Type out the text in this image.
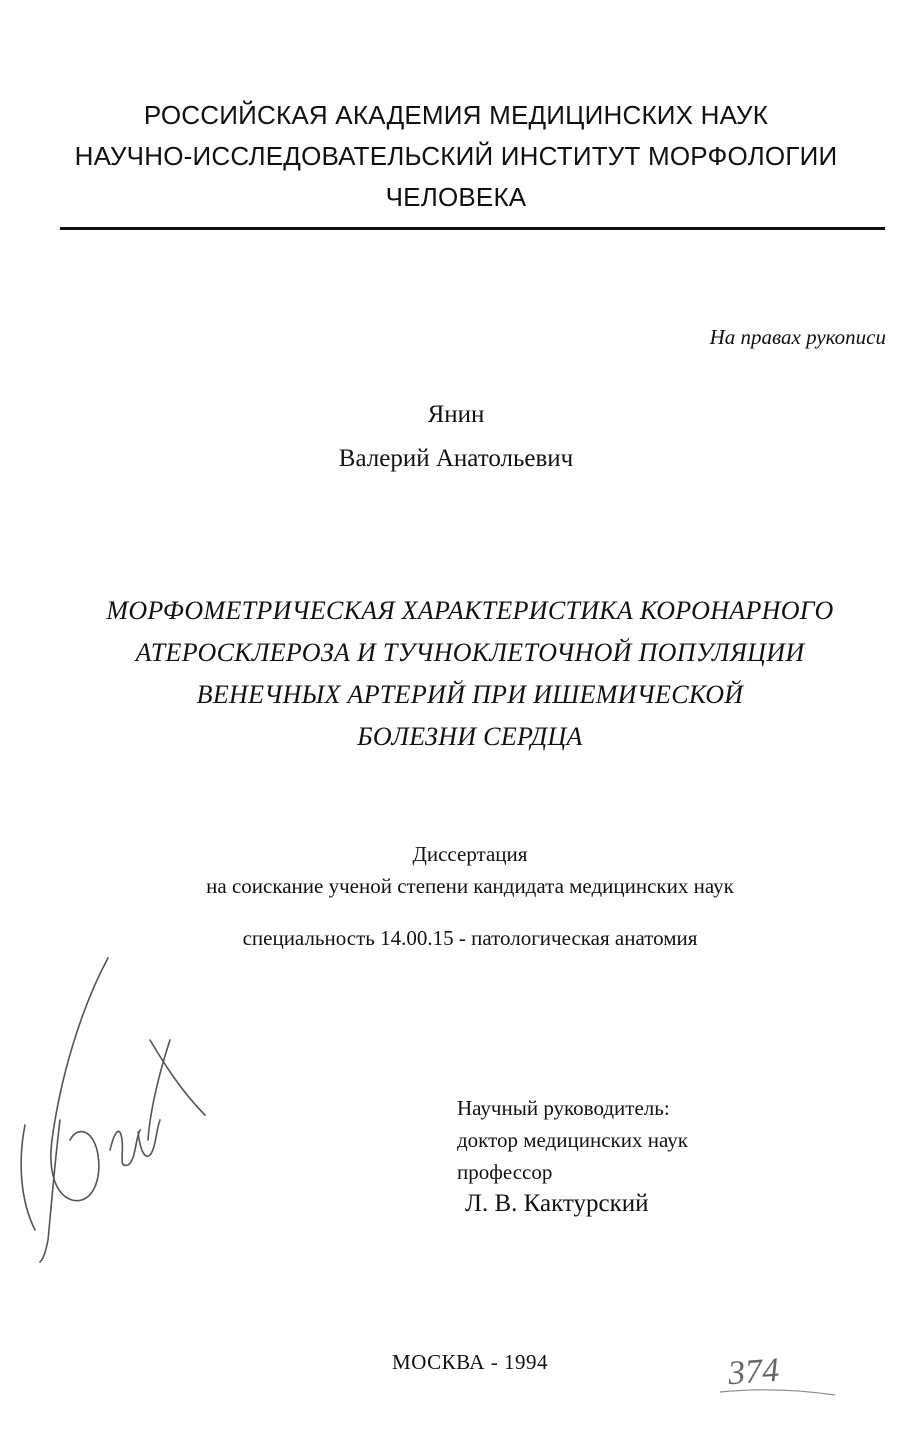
РОССИЙСКАЯ АКАДЕМИЯ МЕДИЦИНСКИХ НАУК
НАУЧНО-ИССЛЕДОВАТЕЛЬСКИЙ ИНСТИТУТ МОРФОЛОГИИ
ЧЕЛОВЕКА
На правах рукописи
Янин
Валерий Анатольевич
МОРФОМЕТРИЧЕСКАЯ ХАРАКТЕРИСТИКА КОРОНАРНОГО
АТЕРОСКЛЕРОЗА И ТУЧНОКЛЕТОЧНОЙ ПОПУЛЯЦИИ
ВЕНЕЧНЫХ АРТЕРИЙ ПРИ ИШЕМИЧЕСКОЙ
БОЛЕЗНИ СЕРДЦА
Диссертация
на соискание ученой степени кандидата медицинских наук
специальность 14.00.15 - патологическая анатомия
Научный руководитель:
доктор медицинских наук
профессор
Л. В. Кактурский
МОСКВА - 1994	374
